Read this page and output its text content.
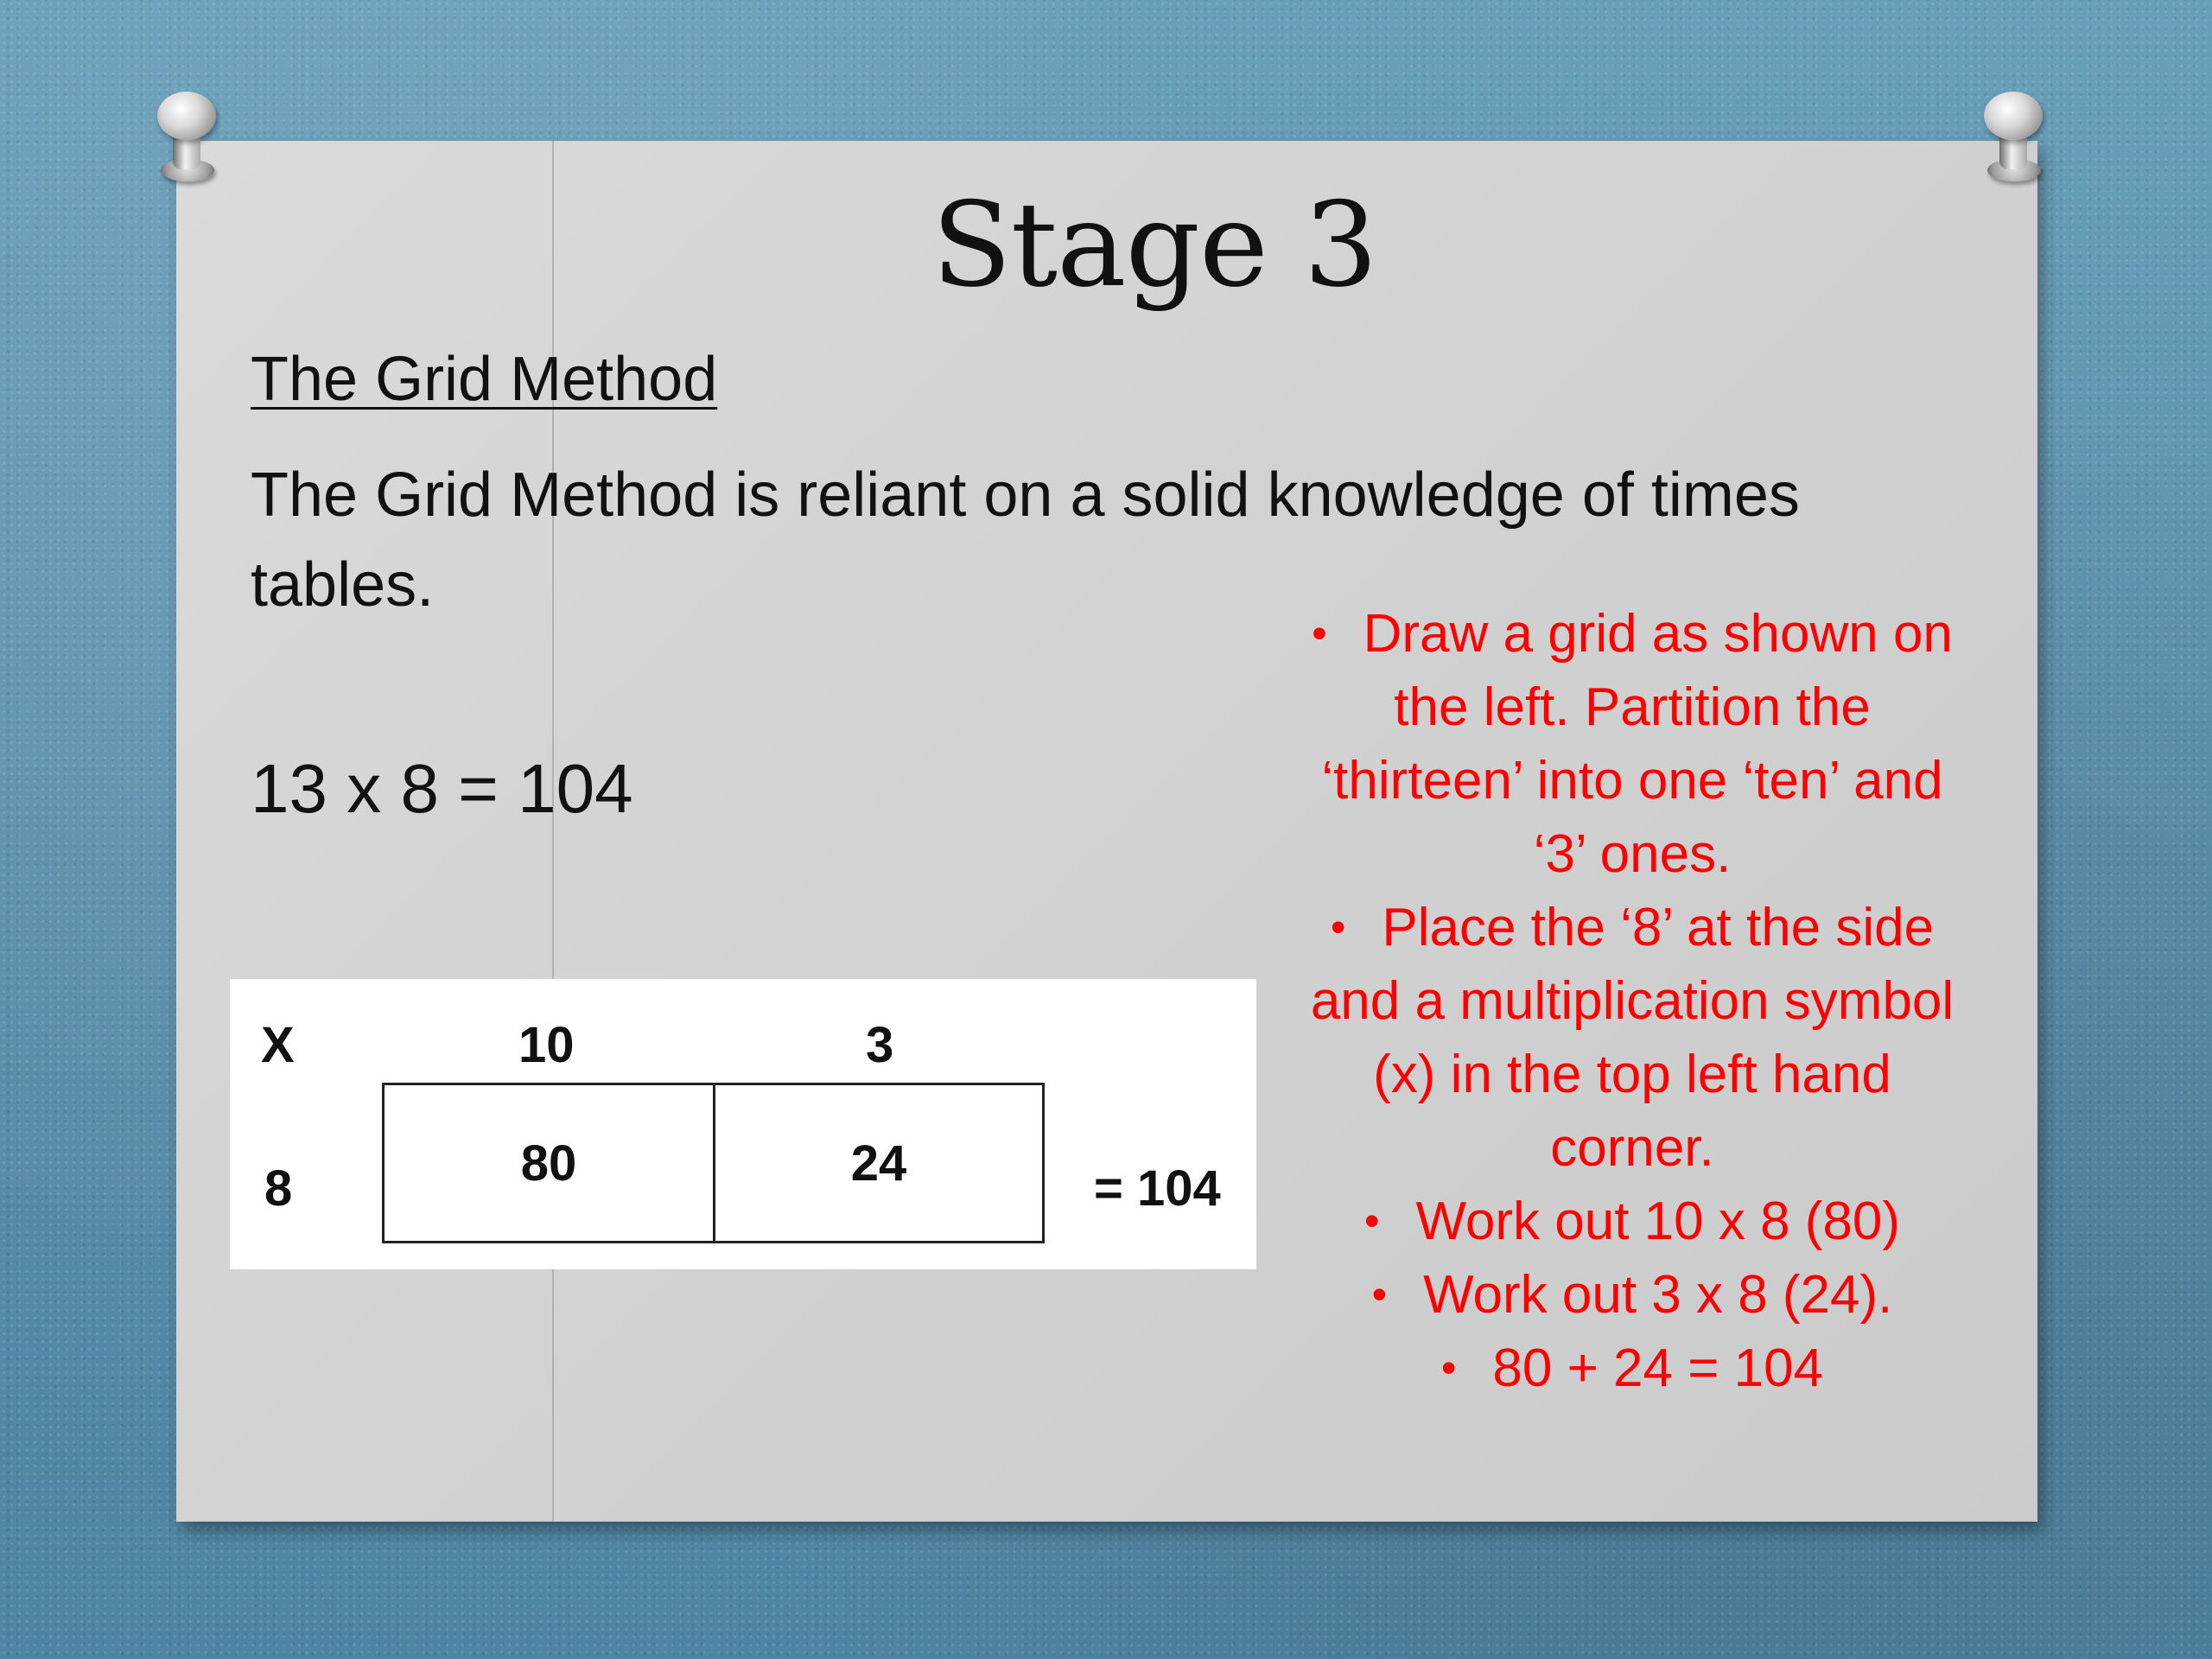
Stage 3
The Grid Method
The Grid Method is reliant on a solid knowledge of times tables.
13 x 8 = 104
X	10	3
8	80	24	= 104

• Draw a grid as shown on the left. Partition the ‘thirteen’ into one ‘ten’ and ‘3’ ones.

• Place the ‘8’ at the side and a multiplication symbol (x) in the top left hand corner.

• Work out 10 x 8 (80)

• Work out 3 x 8 (24).

• 80 + 24 = 104
